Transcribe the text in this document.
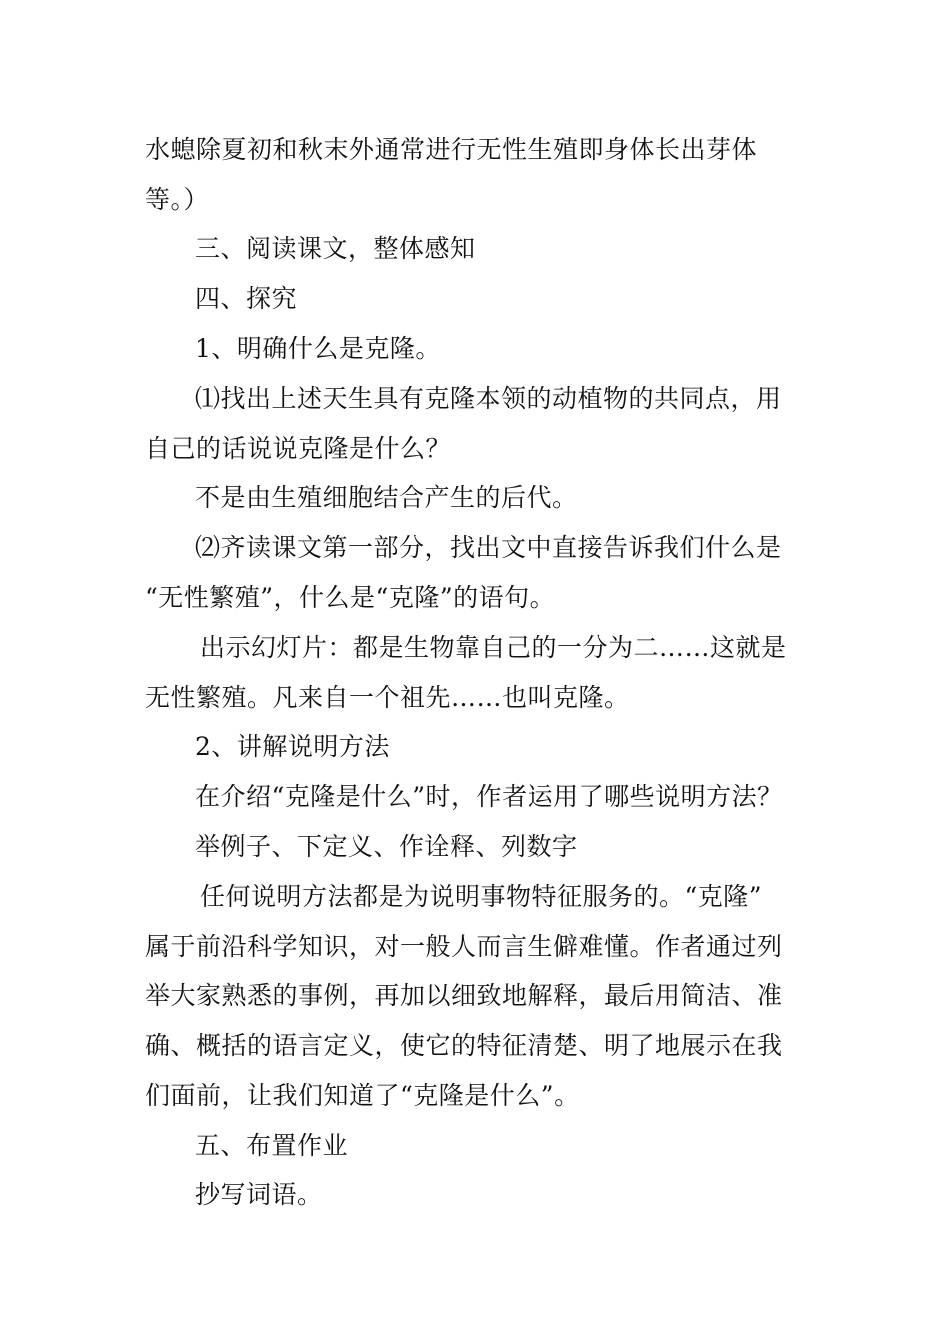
水螅除夏初和秋末外通常进行无性生殖即身体长出芽体
等。）
三、阅读课文，整体感知
四、探究
1、明确什么是克隆。
⑴找出上述天生具有克隆本领的动植物的共同点，用
自己的话说说克隆是什么？
不是由生殖细胞结合产生的后代。
⑵齐读课文第一部分，找出文中直接告诉我们什么是
“无性繁殖”，什么是“克隆”的语句。
出示幻灯片：都是生物靠自己的一分为二……这就是
无性繁殖。凡来自一个祖先……也叫克隆。
2、讲解说明方法
在介绍“克隆是什么”时，作者运用了哪些说明方法？
举例子、下定义、作诠释、列数字
任何说明方法都是为说明事物特征服务的。“克隆”
属于前沿科学知识，对一般人而言生僻难懂。作者通过列
举大家熟悉的事例，再加以细致地解释，最后用简洁、准
确、概括的语言定义，使它的特征清楚、明了地展示在我
们面前，让我们知道了“克隆是什么”。
五、布置作业
抄写词语。
